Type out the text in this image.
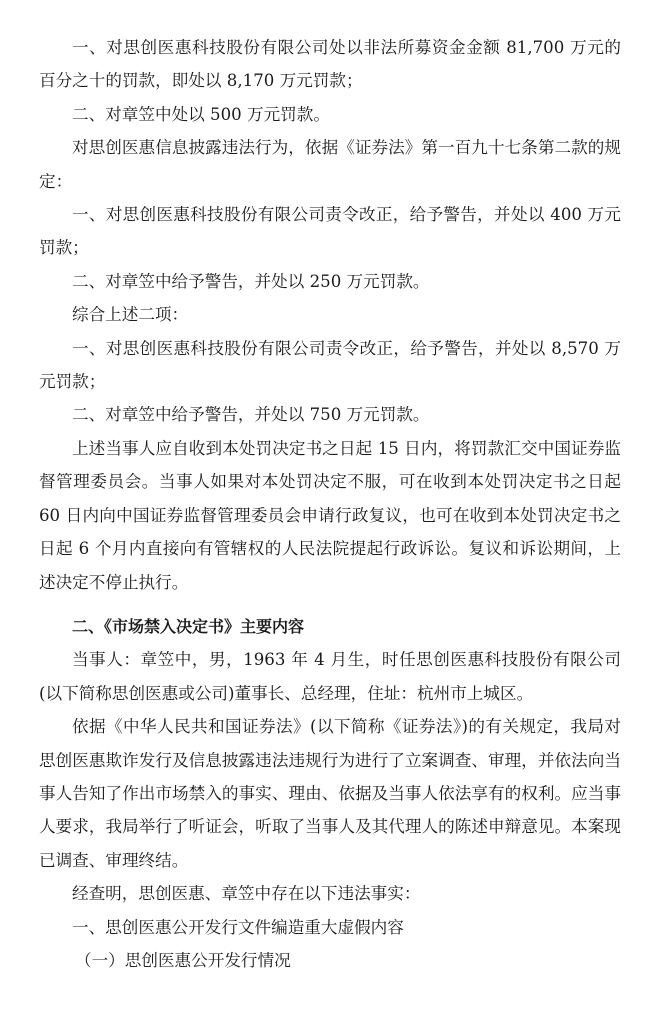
一、对思创医惠科技股份有限公司处以非法所募资金金额 81,700 万元的百分之十的罚款，即处以 8,170 万元罚款；

二、对章笠中处以 500 万元罚款。

对思创医惠信息披露违法行为，依据《证券法》第一百九十七条第二款的规定：

一、对思创医惠科技股份有限公司责令改正，给予警告，并处以 400 万元罚款；

二、对章笠中给予警告，并处以 250 万元罚款。

综合上述二项：

一、对思创医惠科技股份有限公司责令改正，给予警告，并处以 8,570 万元罚款；

二、对章笠中给予警告，并处以 750 万元罚款。

上述当事人应自收到本处罚决定书之日起 15 日内，将罚款汇交中国证券监督管理委员会。当事人如果对本处罚决定不服，可在收到本处罚决定书之日起 60 日内向中国证券监督管理委员会申请行政复议，也可在收到本处罚决定书之日起 6 个月内直接向有管辖权的人民法院提起行政诉讼。复议和诉讼期间，上述决定不停止执行。

二、《市场禁入决定书》主要内容

当事人：章笠中，男，1963 年 4 月生，时任思创医惠科技股份有限公司(以下简称思创医惠或公司)董事长、总经理，住址：杭州市上城区。

依据《中华人民共和国证券法》(以下简称《证券法》)的有关规定，我局对思创医惠欺诈发行及信息披露违法违规行为进行了立案调查、审理，并依法向当事人告知了作出市场禁入的事实、理由、依据及当事人依法享有的权利。应当事人要求，我局举行了听证会，听取了当事人及其代理人的陈述申辩意见。本案现已调查、审理终结。

经查明，思创医惠、章笠中存在以下违法事实：

一、思创医惠公开发行文件编造重大虚假内容

（一）思创医惠公开发行情况
